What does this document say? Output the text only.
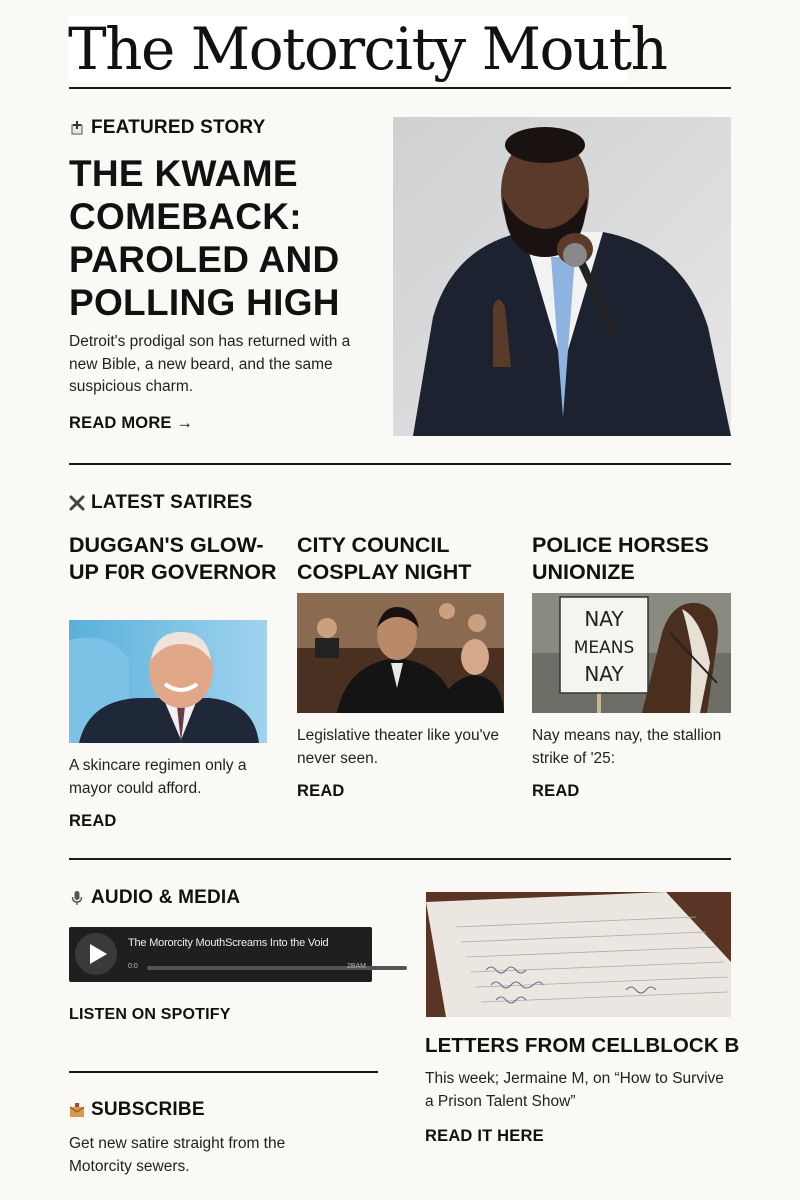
The Motorcity Mouth
FEATURED STORY
THE KWAME COMEBACK: PAROLED AND POLLING HIGH
Detroit's prodigal son has returned with a new Bible, a new beard, and the same suspicious charm.
READ MORE →
LATEST SATIRES
DUGGAN'S GLOW-UP F0R GOVERNOR
A skincare regimen only a mayor could afford.
READ
CITY COUNCIL COSPLAY NIGHT
Legislative theater like you've never seen.
READ
POLICE HORSES UNIONIZE
NAY
MEANS
NAY
Nay means nay, the stallion strike of '25:
READ
AUDIO & MEDIA
The Mororcity MouthScreams Into the Void
0:0	2BAM
LISTEN ON SPOTIFY
SUBSCRIBE
Get new satire straight from the Motorcity sewers.
LETTERS FROM CELLBLOCK B
This week; Jermaine M, on “How to Survive a Prison Talent Show”
READ IT HERE
